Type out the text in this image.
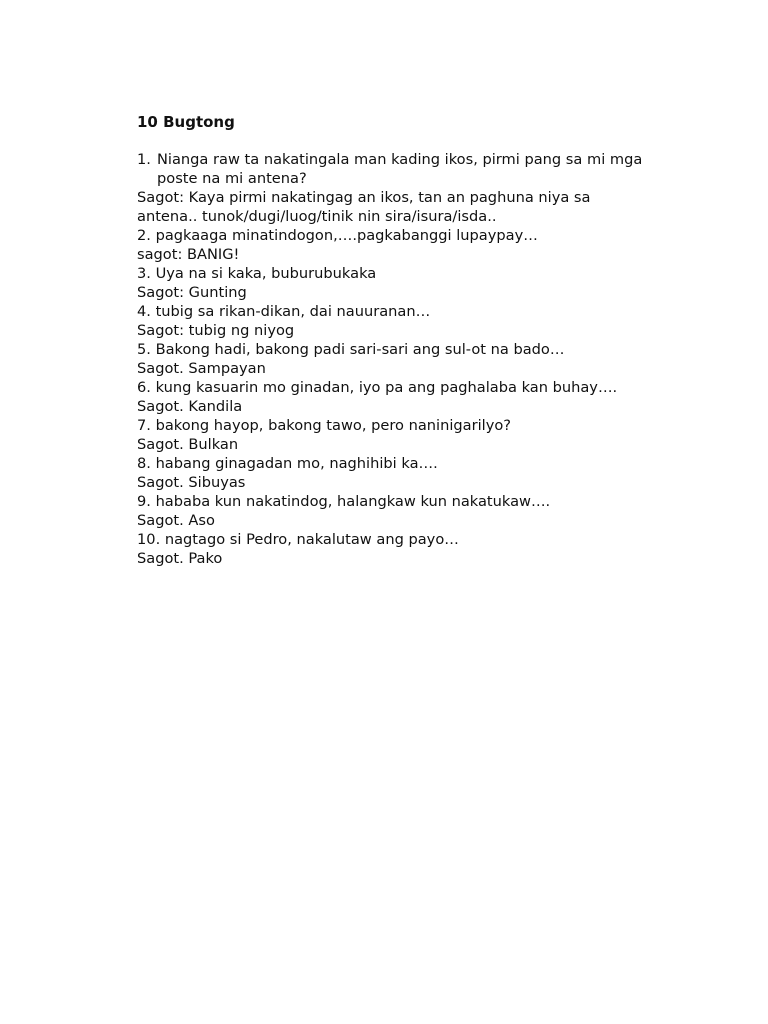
10 Bugtong
1. Nianga raw ta nakatingala man kading ikos, pirmi pang sa mi mga poste na mi antena?
Sagot: Kaya pirmi nakatingag an ikos, tan an paghuna niya sa
antena.. tunok/dugi/luog/tinik nin sira/isura/isda..
2. pagkaaga minatindogon,….pagkabanggi lupaypay…
sagot: BANIG!
3. Uya na si kaka, buburubukaka
Sagot: Gunting
4. tubig sa rikan-dikan, dai nauuranan…
Sagot: tubig ng niyog
5. Bakong hadi, bakong padi sari-sari ang sul-ot na bado…
Sagot. Sampayan
6. kung kasuarin mo ginadan, iyo pa ang paghalaba kan buhay….
Sagot. Kandila
7. bakong hayop, bakong tawo, pero naninigarilyo?
Sagot. Bulkan
8. habang ginagadan mo, naghihibi ka….
Sagot. Sibuyas
9. hababa kun nakatindog, halangkaw kun nakatukaw….
Sagot. Aso
10. nagtago si Pedro, nakalutaw ang payo…
Sagot. Pako
